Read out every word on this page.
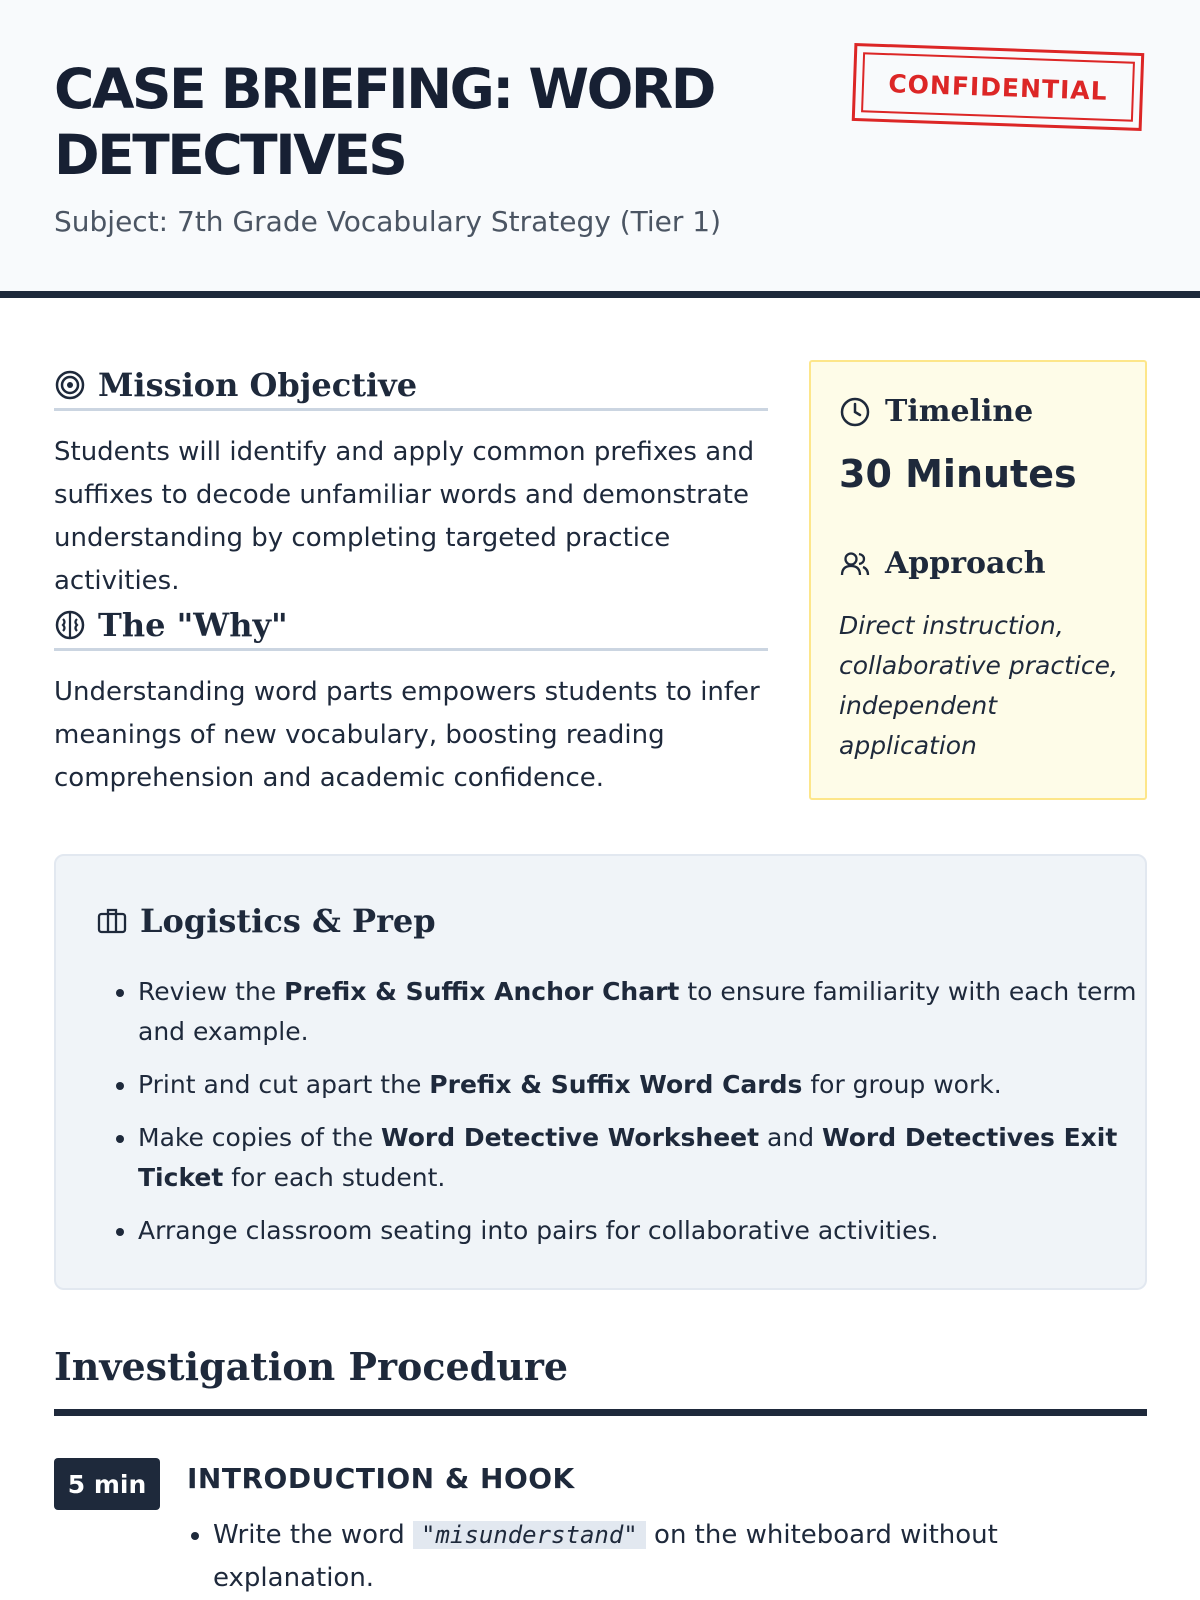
CASE BRIEFING: WORD DETECTIVES
Subject: 7th Grade Vocabulary Strategy (Tier 1)
CONFIDENTIAL
Mission Objective

Students will identify and apply common prefixes and suffixes to decode unfamiliar words and demonstrate understanding by completing targeted practice activities.

The "Why"

Understanding word parts empowers students to infer meanings of new vocabulary, boosting reading comprehension and academic confidence.

Timeline
30 Minutes
Approach
Direct instruction, collaborative practice, independent application
Logistics & Prep
• Review the Prefix & Suffix Anchor Chart to ensure familiarity with each term and example.
• Print and cut apart the Prefix & Suffix Word Cards for group work.
• Make copies of the Word Detective Worksheet and Word Detectives Exit Ticket for each student.
• Arrange classroom seating into pairs for collaborative activities.
Investigation Procedure
5 min	INTRODUCTION & HOOK
• Write the word "misunderstand" on the whiteboard without explanation.
